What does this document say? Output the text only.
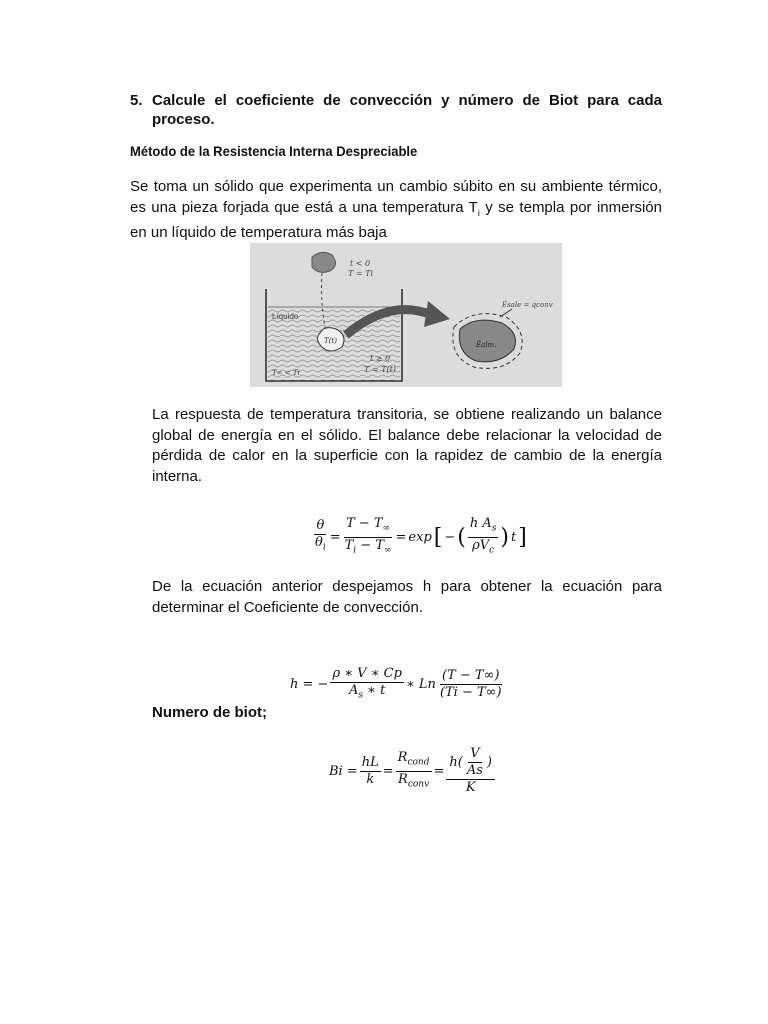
5. Calcule el coeficiente de convección y número de Biot para cada proceso.
Método de la Resistencia Interna Despreciable
Se toma un sólido que experimenta un cambio súbito en su ambiente térmico, es una pieza forjada que está a una temperatura $T_i$ y se templa por inmersión en un líquido de temperatura más baja
t < 0
T = Ti
Líquido
T(t)
t ≥ 0
T = T(t)
T∞ < Ti
Ėsale = qconv
Ėalm.
La respuesta de temperatura transitoria, se obtiene realizando un balance global de energía en el sólido. El balance debe relacionar la velocidad de pérdida de calor en la superficie con la rapidez de cambio de la energía interna.
$\frac{\theta}{\theta_i} = \frac{T - T_\infty}{T_i - T_\infty} = \exp$ [ − ( $\frac{h A_s}{\rho V_c}$ ) t ]
De la ecuación anterior despejamos h para obtener la ecuación para determinar el Coeficiente de convección.
h = − $\frac{\rho ∗ V ∗ Cp}{A_s ∗ t}$ ∗ Ln $\frac{(T - T\infty)}{(Ti - T\infty)}$
Numero de biot;
$Bi = \frac{hL}{k} = \frac{R_{cond}}{R_{conv}} = \frac{h( \frac{V}{As} )}{K}$
